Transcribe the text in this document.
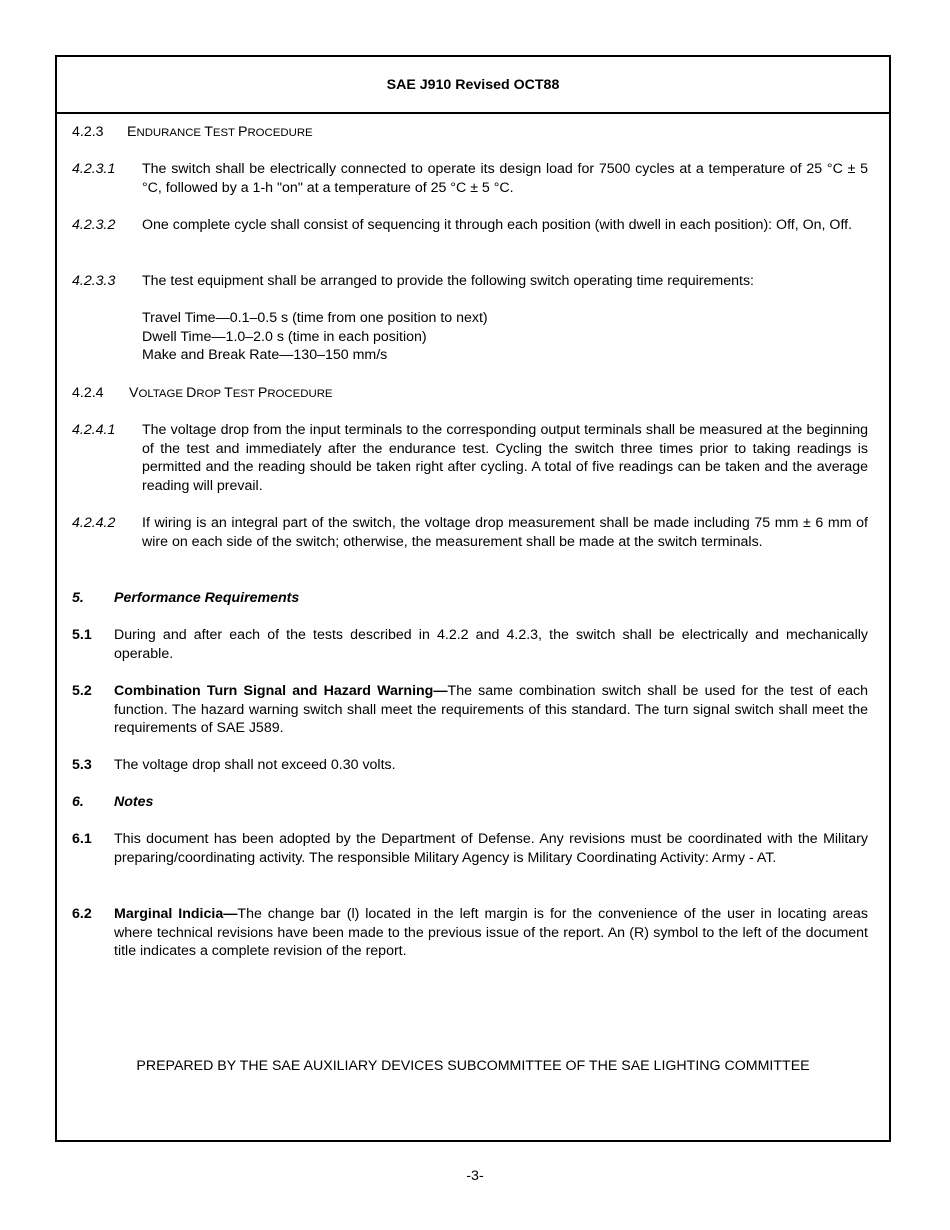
SAE J910 Revised OCT88
4.2.3 ENDURANCE TEST PROCEDURE
4.2.3.1 The switch shall be electrically connected to operate its design load for 7500 cycles at a temperature of 25 °C ± 5 °C, followed by a 1-h "on" at a temperature of 25 °C ± 5 °C.
4.2.3.2 One complete cycle shall consist of sequencing it through each position (with dwell in each position): Off, On, Off.
4.2.3.3 The test equipment shall be arranged to provide the following switch operating time requirements:
Travel Time—0.1–0.5 s (time from one position to next)
Dwell Time—1.0–2.0 s (time in each position)
Make and Break Rate—130–150 mm/s
4.2.4 VOLTAGE DROP TEST PROCEDURE
4.2.4.1 The voltage drop from the input terminals to the corresponding output terminals shall be measured at the beginning of the test and immediately after the endurance test. Cycling the switch three times prior to taking readings is permitted and the reading should be taken right after cycling. A total of five readings can be taken and the average reading will prevail.
4.2.4.2 If wiring is an integral part of the switch, the voltage drop measurement shall be made including 75 mm ± 6 mm of wire on each side of the switch; otherwise, the measurement shall be made at the switch terminals.
5. Performance Requirements
5.1 During and after each of the tests described in 4.2.2 and 4.2.3, the switch shall be electrically and mechanically operable.
5.2 Combination Turn Signal and Hazard Warning—The same combination switch shall be used for the test of each function. The hazard warning switch shall meet the requirements of this standard. The turn signal switch shall meet the requirements of SAE J589.
5.3 The voltage drop shall not exceed 0.30 volts.
6. Notes
6.1 This document has been adopted by the Department of Defense. Any revisions must be coordinated with the Military preparing/coordinating activity. The responsible Military Agency is Military Coordinating Activity: Army - AT.
6.2 Marginal Indicia—The change bar (l) located in the left margin is for the convenience of the user in locating areas where technical revisions have been made to the previous issue of the report. An (R) symbol to the left of the document title indicates a complete revision of the report.
PREPARED BY THE SAE AUXILIARY DEVICES SUBCOMMITTEE OF THE SAE LIGHTING COMMITTEE
-3-
